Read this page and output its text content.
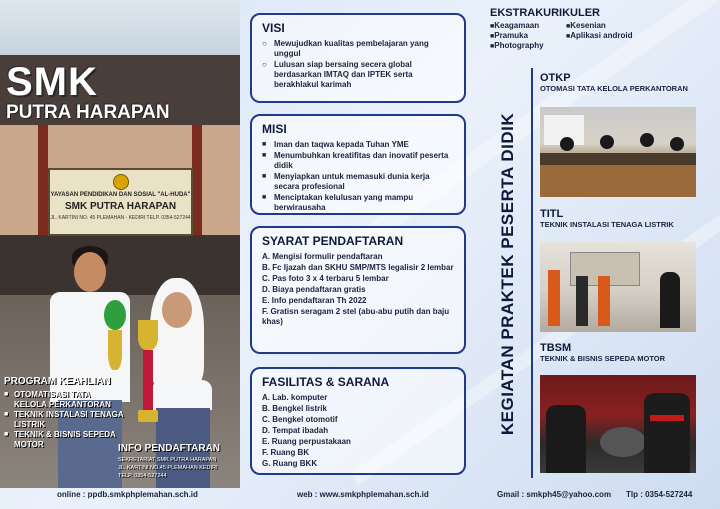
YAYASAN PENDIDIKAN DAN SOSIAL "AL-HUDA"
SMK PUTRA HARAPAN
JL. KARTINI NO. 45 PLEMAHAN - KEDIRI TELP. 0354-527244
SMK
PUTRA HARAPAN
PROGRAM KEAHLIAN
■ OTOMATISASI TATA KELOLA PERKANTORAN
■ TEKNIK INSTALASI TENAGA LISTRIK
■ TEKNIK & BISNIS SEPEDA MOTOR	INFO PENDAFTARAN
SEKRETARIAT SMK PUTRA HARAPAN
JL. KARTINI NO.45 PLEMAHAN KEDIRI
TELP. 0354-527244
online : ppdb.smkphplemahan.sch.id	web : www.smkphplemahan.sch.id	Gmail : smkph45@yahoo.com Tlp : 0354-527244
VISI
○ Mewujudkan kualitas pembelajaran yang unggul
○ Lulusan siap bersaing secera global berdasarkan IMTAQ dan IPTEK serta berakhlakul karimah
MISI
■ Iman dan taqwa kepada Tuhan YME
■ Menumbuhkan kreatifitas dan inovatif peserta didik
■ Menyiapkan untuk memasuki dunia kerja secara profesional
■ Menciptakan kelulusan yang mampu berwirausaha
SYARAT PENDAFTARAN
A. Mengisi formulir pendaftaran
B. Fc Ijazah dan SKHU SMP/MTS legalisir 2 lembar
C. Pas foto 3 x 4 terbaru 5 lembar
D. Biaya pendaftaran gratis
E. Info pendaftaran Th 2022
F. Gratisn seragam 2 stel (abu-abu putih dan baju khas)
FASILITAS & SARANA
A. Lab. komputer
B. Bengkel listrik
C. Bengkel otomotif
D. Tempat ibadah
E. Ruang perpustakaan
F. Ruang BK
G. Ruang BKK
EKSTRAKURIKULER
■ Keagamaan	■ Kesenian
■ Pramuka	■ Aplikasi android
■ Photography
KEGIATAN PRAKTEK PESERTA DIDIK
OTKP
OTOMASI TATA KELOLA PERKANTORAN
TITL
TEKNIK INSTALASI TENAGA LISTRIK
TBSM
TEKNIK & BISNIS SEPEDA MOTOR
